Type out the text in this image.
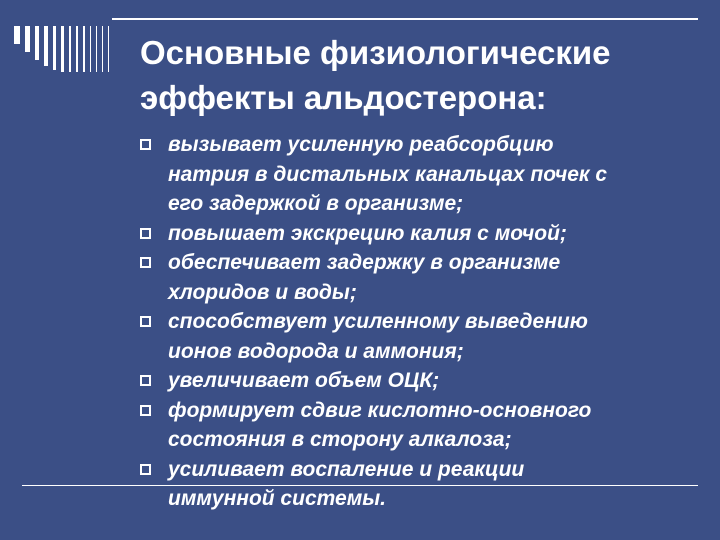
Основные физиологические
эффекты альдостерона:
вызывает усиленную реабсорбцию
натрия в дистальных канальцах почек с
его задержкой в организме;
повышает экскрецию калия с мочой;
обеспечивает задержку в организме
хлоридов и воды;
способствует усиленному выведению
ионов водорода и аммония;
увеличивает объем ОЦК;
формирует сдвиг кислотно-основного
состояния в сторону алкалоза;
усиливает воспаление и реакции
иммунной системы.
